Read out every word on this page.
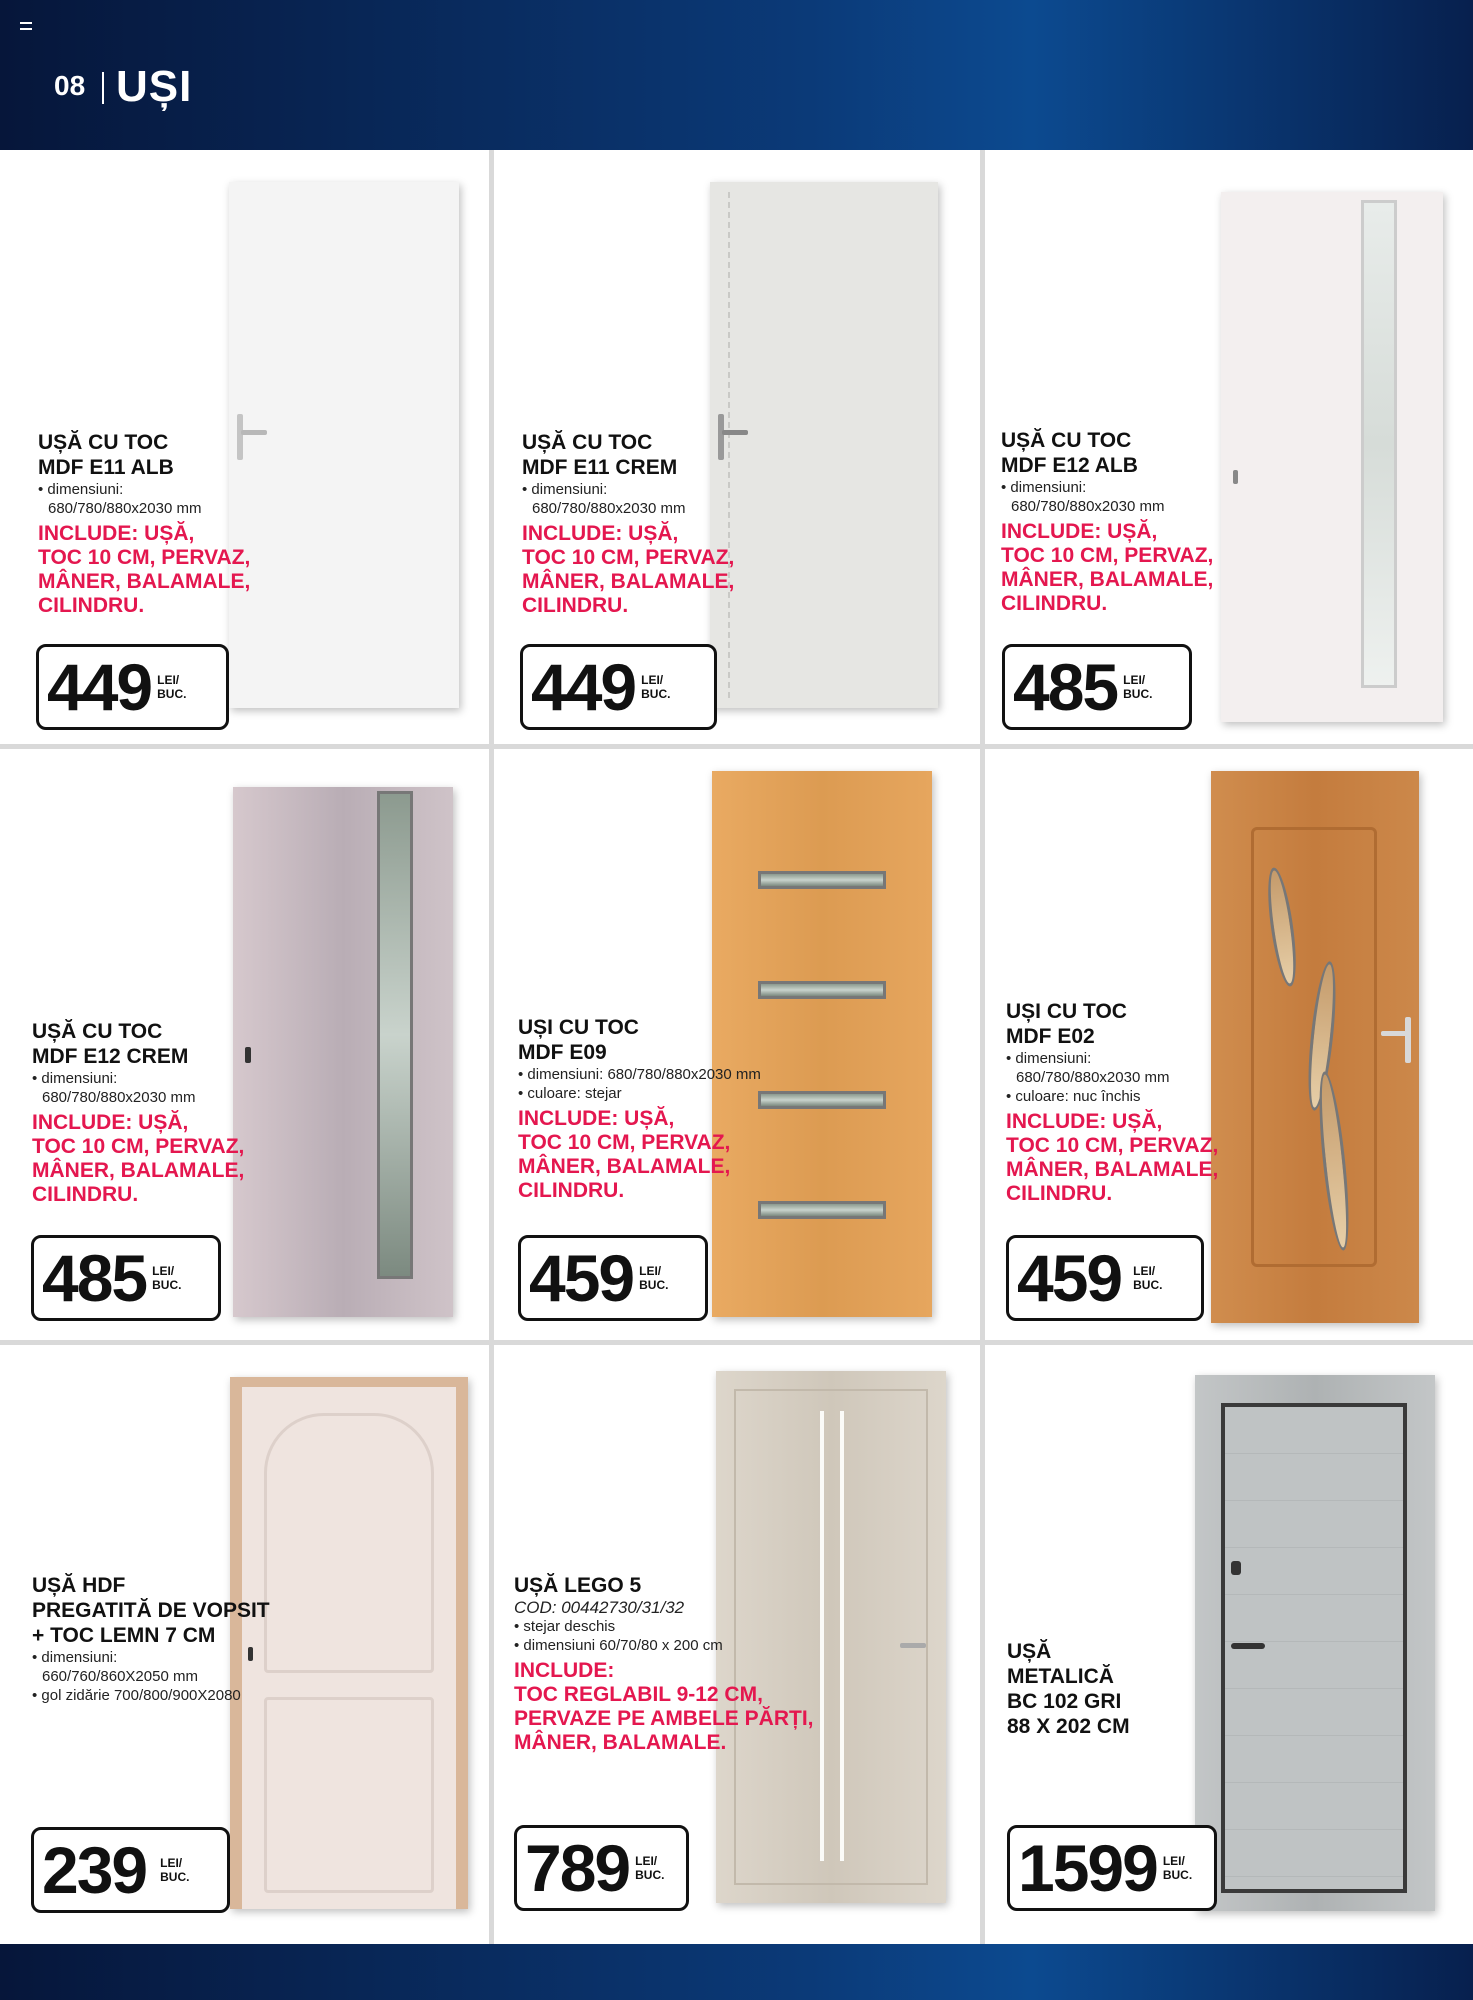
08 UȘI
UȘĂ CU TOC
MDF E11 ALB
• dimensiuni:
680/780/880x2030 mm
INCLUDE: UȘĂ,
TOC 10 CM, PERVAZ,
MÂNER, BALAMALE,
CILINDRU.
449 LEI/
BUC.
UȘĂ CU TOC
MDF E11 CREM
• dimensiuni:
680/780/880x2030 mm
INCLUDE: UȘĂ,
TOC 10 CM, PERVAZ,
MÂNER, BALAMALE,
CILINDRU.
449 LEI/
BUC.
UȘĂ CU TOC
MDF E12 ALB
• dimensiuni:
680/780/880x2030 mm
INCLUDE: UȘĂ,
TOC 10 CM, PERVAZ,
MÂNER, BALAMALE,
CILINDRU.
485 LEI/
BUC.
UȘĂ CU TOC
MDF E12 CREM
• dimensiuni:
680/780/880x2030 mm
INCLUDE: UȘĂ,
TOC 10 CM, PERVAZ,
MÂNER, BALAMALE,
CILINDRU.
485 LEI/
BUC.
UȘI CU TOC
MDF E09
• dimensiuni: 680/780/880x2030 mm
• culoare: stejar
INCLUDE: UȘĂ,
TOC 10 CM, PERVAZ,
MÂNER, BALAMALE,
CILINDRU.
459 LEI/
BUC.
UȘI CU TOC
MDF E02
• dimensiuni:
680/780/880x2030 mm
• culoare: nuc închis
INCLUDE: UȘĂ,
TOC 10 CM, PERVAZ,
MÂNER, BALAMALE,
CILINDRU.
459 LEI/
BUC.
UȘĂ HDF
PREGATITĂ DE VOPSIT
+ TOC LEMN 7 CM
• dimensiuni:
660/760/860X2050 mm
• gol zidărie 700/800/900X2080
239 LEI/
BUC.
UȘĂ LEGO 5
COD: 00442730/31/32
• stejar deschis
• dimensiuni 60/70/80 x 200 cm
INCLUDE:
TOC REGLABIL 9-12 CM,
PERVAZE PE AMBELE PĂRȚI,
MÂNER, BALAMALE.
789 LEI/
BUC.
UȘĂ
METALICĂ
BC 102 GRI
88 X 202 CM
1599 LEI/
BUC.
